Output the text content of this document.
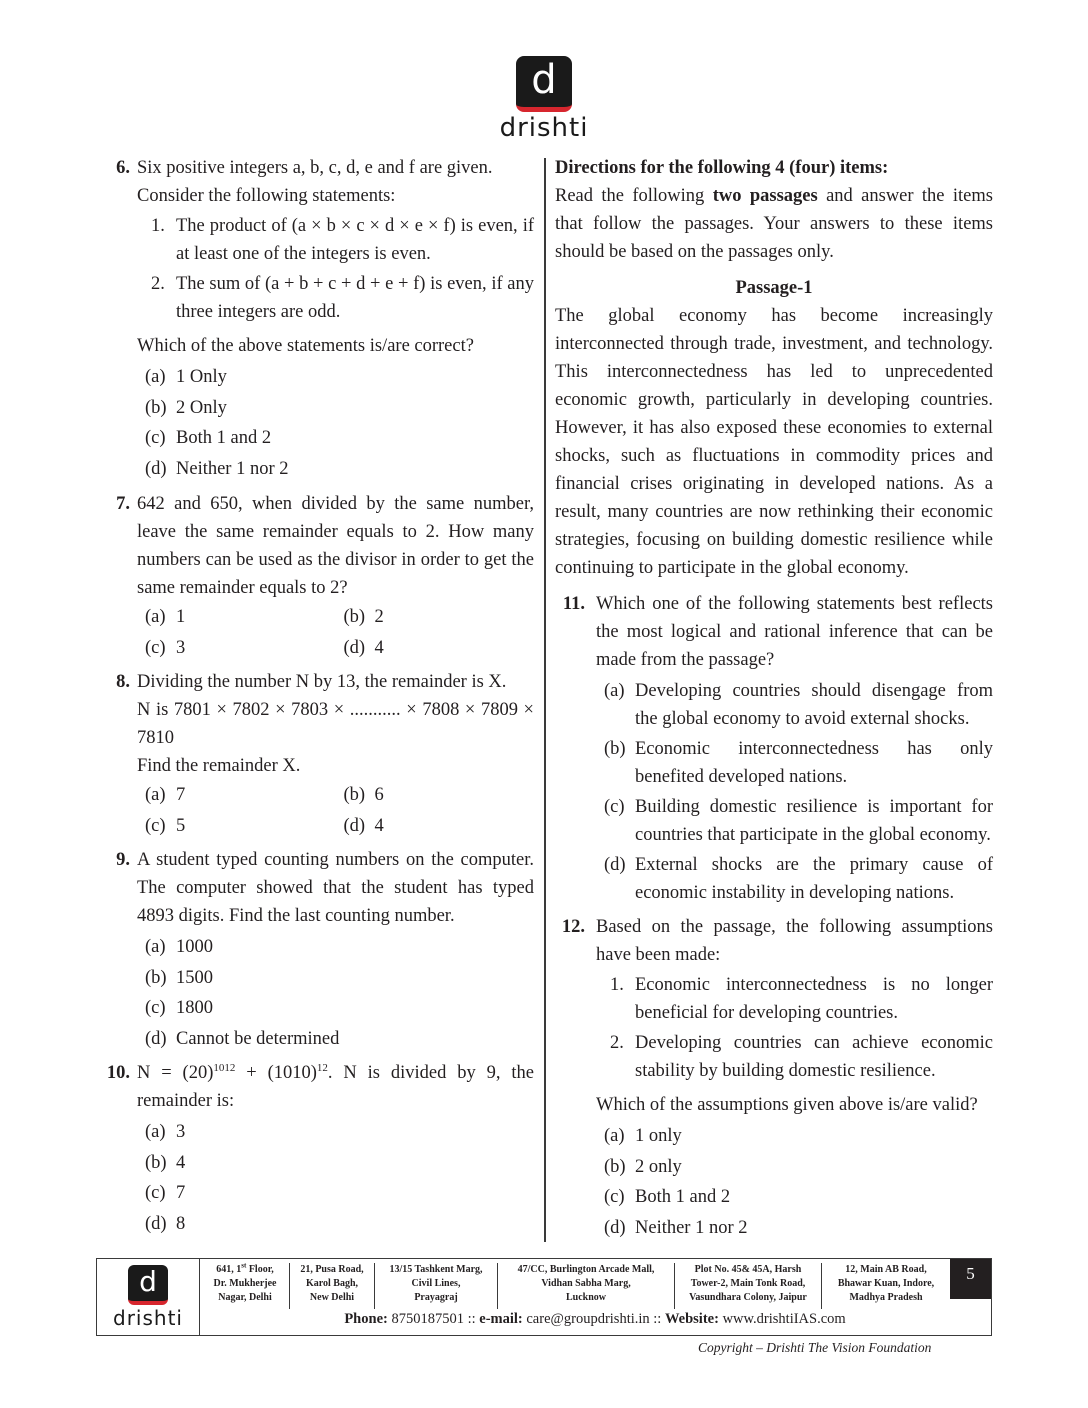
d
drishti
6. Six positive integers a, b, c, d, e and f are given.
Consider the following statements:
1. The product of (a × b × c × d × e × f) is even, if at least one of the integers is even.
2. The sum of (a + b + c + d + e + f) is even, if any three integers are odd.
Which of the above statements is/are correct?
(a) 1 Only
(b) 2 Only
(c) Both 1 and 2
(d) Neither 1 nor 2
7. 642 and 650, when divided by the same number, leave the same remainder equals to 2. How many numbers can be used as the divisor in order to get the same remainder equals to 2?
(a) 1	(b) 2
(c) 3	(d) 4
8. Dividing the number N by 13, the remainder is X.
N is 7801 × 7802 × 7803 × ........... × 7808 × 7809 × 7810
Find the remainder X.
(a) 7	(b) 6
(c) 5	(d) 4
9. A student typed counting numbers on the computer. The computer showed that the student has typed 4893 digits. Find the last counting number.
(a) 1000
(b) 1500
(c) 1800
(d) Cannot be determined
10. $N = (20)^{1012} + (1010)^{12}$. N is divided by 9, the remainder is:
(a) 3
(b) 4
(c) 7
(d) 8
Directions for the following 4 (four) items:
Read the following two passages and answer the items that follow the passages. Your answers to these items should be based on the passages only.
Passage-1
The global economy has become increasingly interconnected through trade, investment, and technology. This interconnectedness has led to unprecedented economic growth, particularly in developing countries. However, it has also exposed these economies to external shocks, such as fluctuations in commodity prices and financial crises originating in developed nations. As a result, many countries are now rethinking their economic strategies, focusing on building domestic resilience while continuing to participate in the global economy.
11. Which one of the following statements best reflects the most logical and rational inference that can be made from the passage?
(a) Developing countries should disengage from the global economy to avoid external shocks.
(b) Economic interconnectedness has only benefited developed nations.
(c) Building domestic resilience is important for countries that participate in the global economy.
(d) External shocks are the primary cause of economic instability in developing nations.
12. Based on the passage, the following assumptions have been made:
1. Economic interconnectedness is no longer beneficial for developing countries.
2. Developing countries can achieve economic stability by building domestic resilience.
Which of the assumptions given above is/are valid?
(a) 1 only
(b) 2 only
(c) Both 1 and 2
(d) Neither 1 nor 2
d
drishti
641, 1st Floor,
Dr. Mukherjee
Nagar, Delhi
21, Pusa Road,
Karol Bagh,
New Delhi
13/15 Tashkent Marg,
Civil Lines,
Prayagraj
47/CC, Burlington Arcade Mall,
Vidhan Sabha Marg,
Lucknow
Plot No. 45& 45A, Harsh
Tower-2, Main Tonk Road,
Vasundhara Colony, Jaipur
12, Main AB Road,
Bhawar Kuan, Indore,
Madhya Pradesh
5
Phone: 8750187501 :: e-mail: care@groupdrishti.in :: Website: www.drishtiIAS.com
Copyright – Drishti The Vision Foundation
